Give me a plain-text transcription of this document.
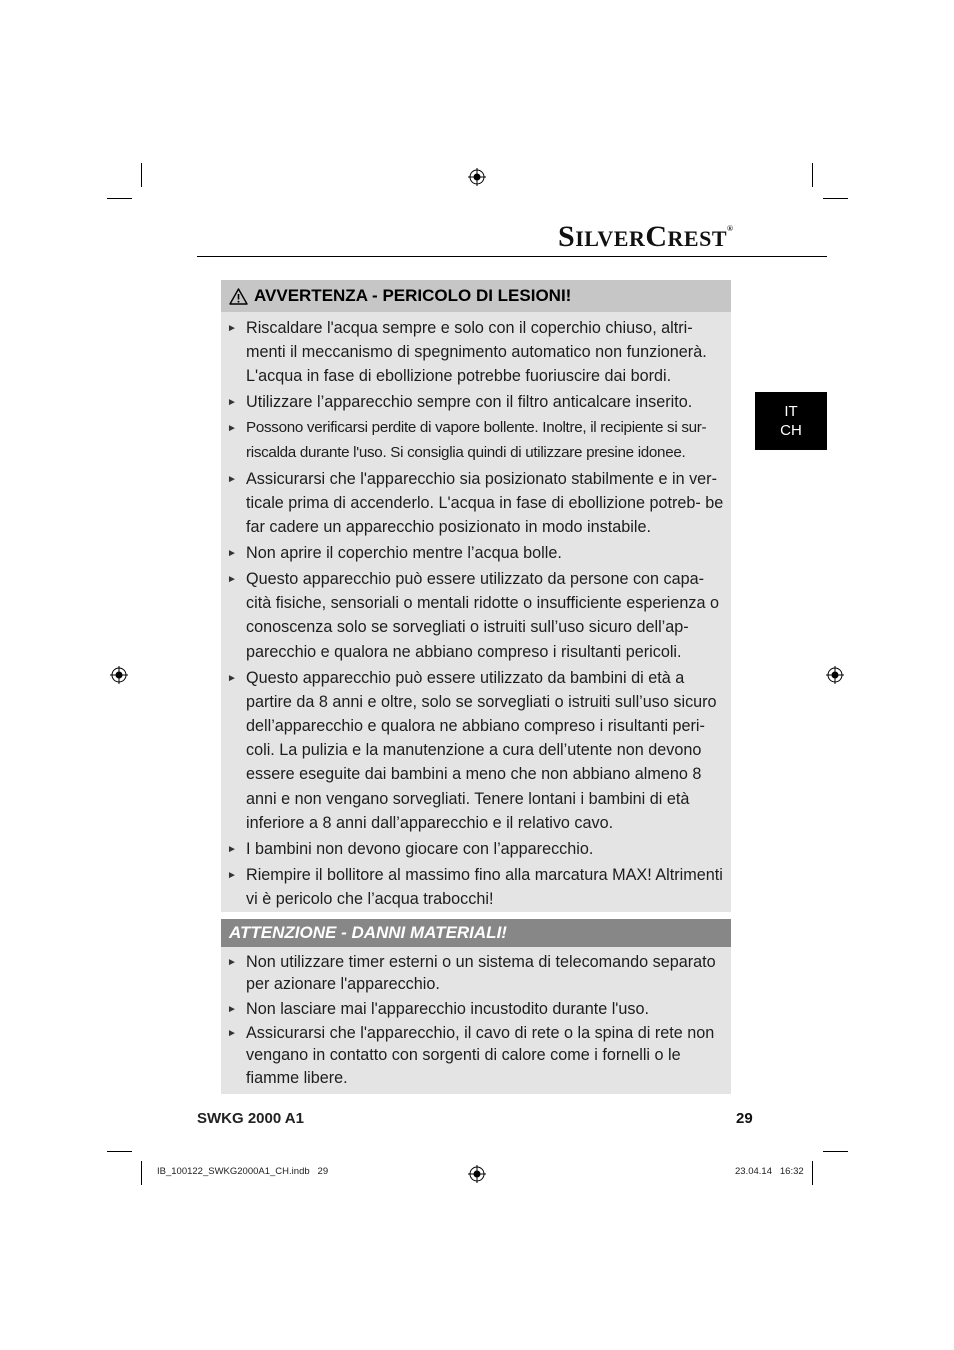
SILVERCREST®
IT
CH
AVVERTENZA - PERICOLO DI LESIONI!
► Riscaldare l'acqua sempre e solo con il coperchio chiuso, altri- menti il meccanismo di spegnimento automatico non funzionerà. L'acqua in fase di ebollizione potrebbe fuoriuscire dai bordi.
► Utilizzare l’apparecchio sempre con il filtro anticalcare inserito.
► Possono verificarsi perdite di vapore bollente. Inoltre, il recipiente si sur- riscalda durante l'uso. Si consiglia quindi di utilizzare presine idonee.
► Assicurarsi che l'apparecchio sia posizionato stabilmente e in ver- ticale prima di accenderlo. L'acqua in fase di ebollizione potreb- be far cadere un apparecchio posizionato in modo instabile.
► Non aprire il coperchio mentre l’acqua bolle.
► Questo apparecchio può essere utilizzato da persone con capa- cità fisiche, sensoriali o mentali ridotte o insufficiente esperienza o conoscenza solo se sorvegliati o istruiti sull’uso sicuro dell’ap- parecchio e qualora ne abbiano compreso i risultanti pericoli.
► Questo apparecchio può essere utilizzato da bambini di età a partire da 8 anni e oltre, solo se sorvegliati o istruiti sull’uso sicuro dell’apparecchio e qualora ne abbiano compreso i risultanti peri- coli. La pulizia e la manutenzione a cura dell’utente non devono essere eseguite dai bambini a meno che non abbiano almeno 8 anni e non vengano sorvegliati. Tenere lontani i bambini di età inferiore a 8 anni dall’apparecchio e il relativo cavo.
► I bambini non devono giocare con l’apparecchio.
► Riempire il bollitore al massimo fino alla marcatura MAX! Altrimenti vi è pericolo che l’acqua trabocchi!
ATTENZIONE - DANNI MATERIALI!
► Non utilizzare timer esterni o un sistema di telecomando separato per azionare l'apparecchio.
► Non lasciare mai l'apparecchio incustodito durante l'uso.
► Assicurarsi che l'apparecchio, il cavo di rete o la spina di rete non vengano in contatto con sorgenti di calore come i fornelli o le fiamme libere.
SWKG 2000 A1	29
IB_100122_SWKG2000A1_CH.indb   29	23.04.14   16:32
